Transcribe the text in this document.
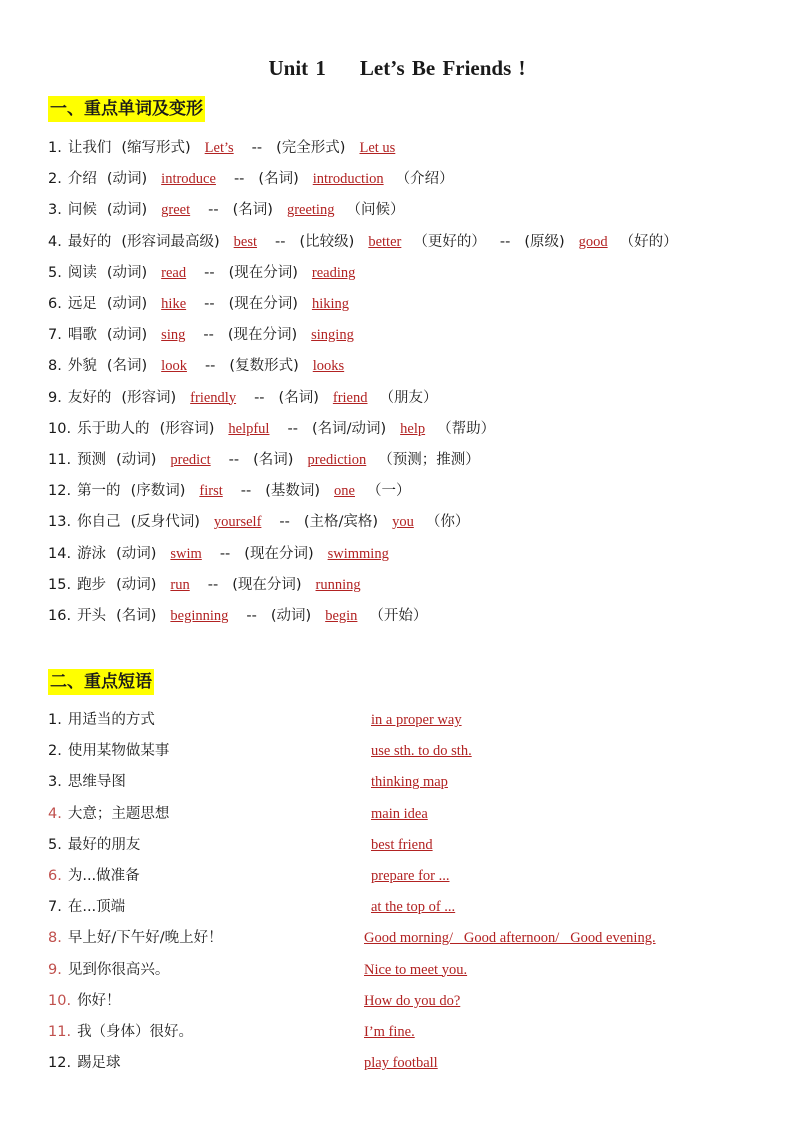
Unit 1 Let’s Be Friends !
一、重点单词及变形
1. 让我们 (缩写形式) Let’s -- (完全形式) Let us
2. 介绍 (动词) introduce -- (名词) introduction （介绍）
3. 问候 (动词) greet -- (名词) greeting （问候）
4. 最好的 (形容词最高级) best -- (比较级) better （更好的） -- (原级) good （好的）
5. 阅读 (动词) read -- (现在分词) reading
6. 远足 (动词) hike -- (现在分词) hiking
7. 唱歌 (动词) sing -- (现在分词) singing
8. 外貌 (名词) look -- (复数形式) looks
9. 友好的 (形容词) friendly -- (名词) friend （朋友）
10. 乐于助人的 (形容词) helpful -- (名词/动词) help （帮助）
11. 预测 (动词) predict -- (名词) prediction （预测；推测）
12. 第一的 (序数词) first -- (基数词) one （一）
13. 你自己 (反身代词) yourself -- (主格/宾格) you （你）
14. 游泳 (动词) swim -- (现在分词) swimming
15. 跑步 (动词) run -- (现在分词) running
16. 开头 (名词) beginning -- (动词) begin （开始）
二、重点短语
1. 用适当的方式	in a proper way
2. 使用某物做某事	use sth. to do sth.
3. 思维导图	thinking map
4. 大意；主题思想	main idea
5. 最好的朋友	best friend
6. 为...做准备	prepare for ...
7. 在...顶端	at the top of ...
8. 早上好/下午好/晚上好！	Good morning/   Good afternoon/   Good evening.
9. 见到你很高兴。	Nice to meet you.
10. 你好！	How do you do?
11. 我（身体）很好。	I’m fine.
12. 踢足球	play football
